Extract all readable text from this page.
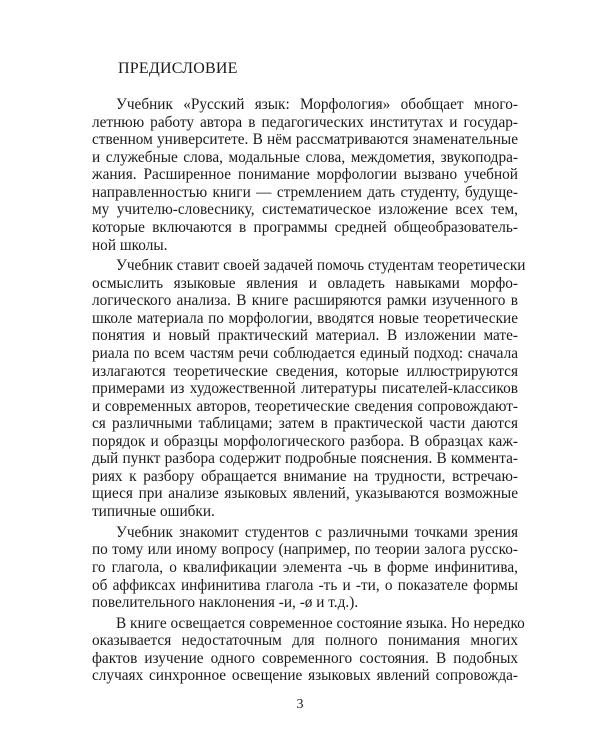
ПРЕДИСЛОВИЕ
Учебник «Русский язык: Морфология» обобщает много-
летнюю работу автора в педагогических институтах и государ-
ственном университете. В нём рассматриваются знаменательные
и служебные слова, модальные слова, междометия, звукоподра-
жания. Расширенное понимание морфологии вызвано учебной
направленностью книги — стремлением дать студенту, будуще-
му учителю-словеснику, систематическое изложение всех тем,
которые включаются в программы средней общеобразователь-
ной школы.
Учебник ставит своей задачей помочь студентам теоретически
осмыслить языковые явления и овладеть навыками морфо-
логического анализа. В книге расширяются рамки изученного в
школе материала по морфологии, вводятся новые теоретические
понятия и новый практический материал. В изложении мате-
риала по всем частям речи соблюдается единый подход: сначала
излагаются теоретические сведения, которые иллюстрируются
примерами из художественной литературы писателей-классиков
и современных авторов, теоретические сведения сопровождают-
ся различными таблицами; затем в практической части даются
порядок и образцы морфологического разбора. В образцах каж-
дый пункт разбора содержит подробные пояснения. В коммента-
риях к разбору обращается внимание на трудности, встречаю-
щиеся при анализе языковых явлений, указываются возможные
типичные ошибки.
Учебник знакомит студентов с различными точками зрения
по тому или иному вопросу (например, по теории залога русско-
го глагола, о квалификации элемента -чь в форме инфинитива,
об аффиксах инфинитива глагола -ть и -ти, о показателе формы
повелительного наклонения -и, -ø и т.д.).
3
В книге освещается современное состояние языка. Но нередко
оказывается недостаточным для полного понимания многих
фактов изучение одного современного состояния. В подобных
случаях синхронное освещение языковых явлений сопровожда-
